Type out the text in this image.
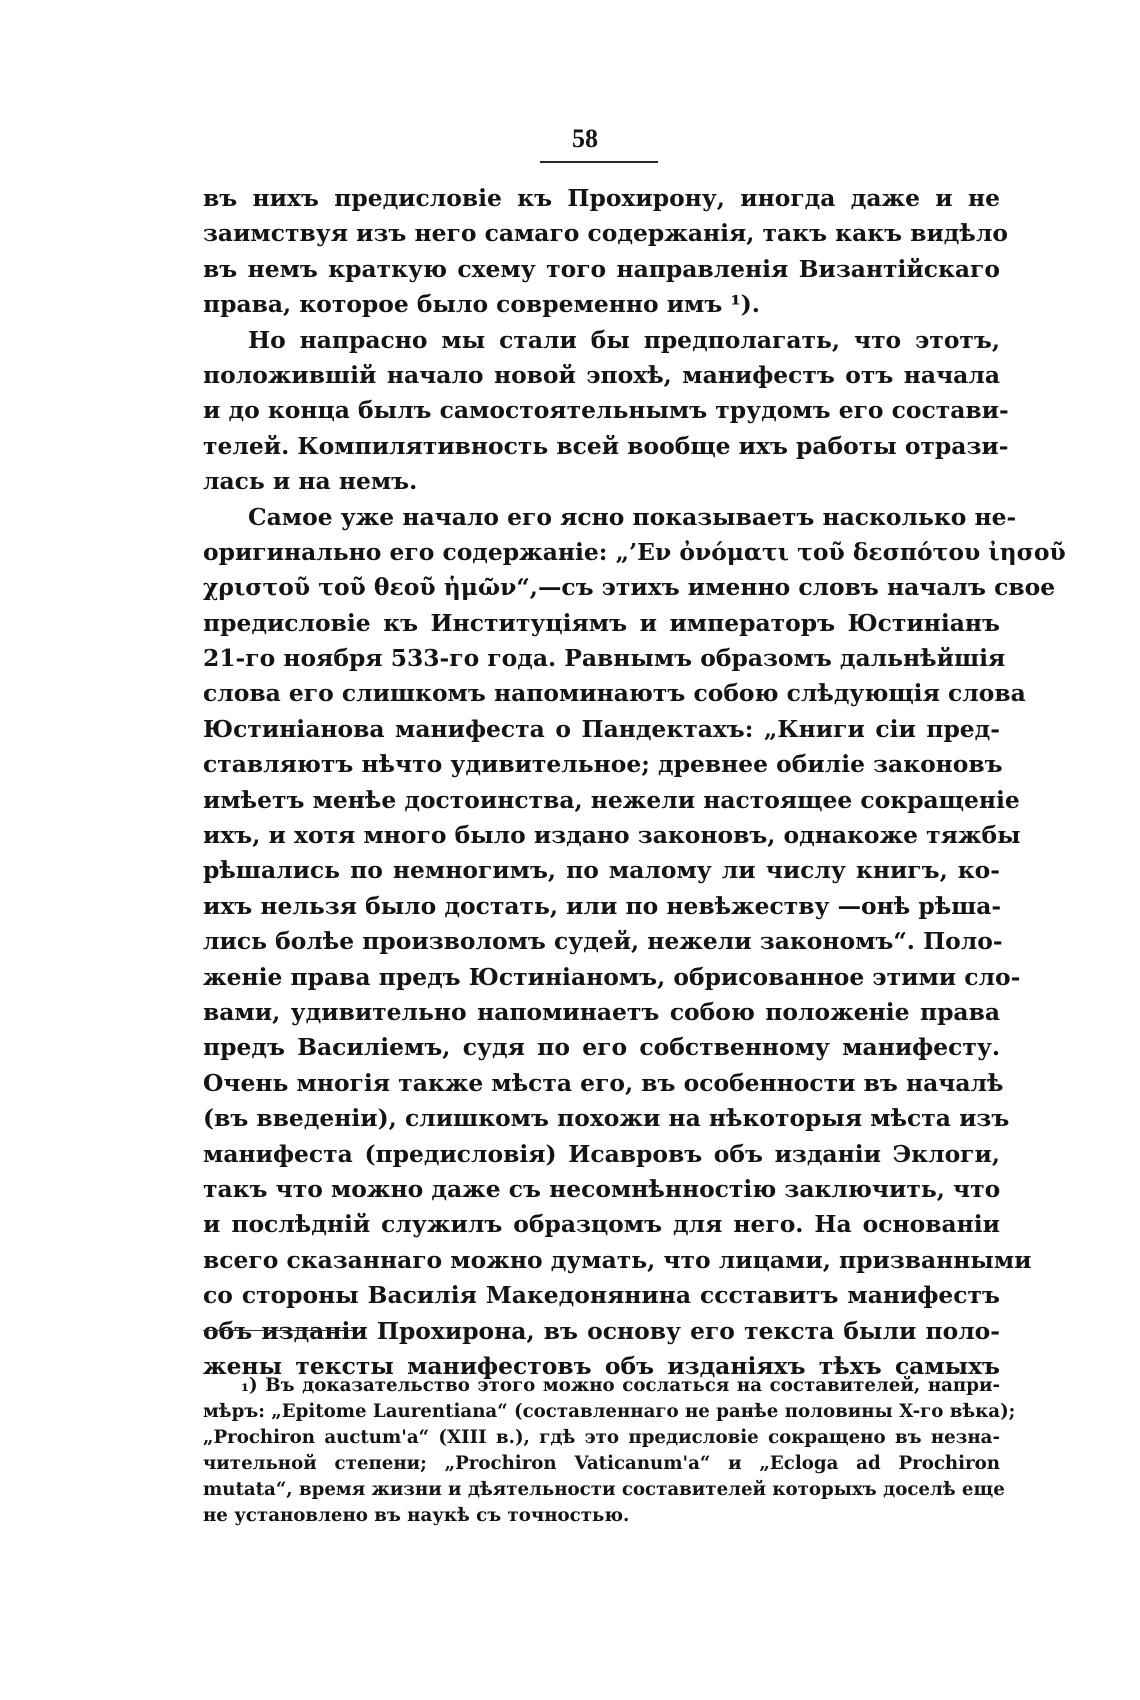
58
въ нихъ предисловіе къ Прохирону, иногда даже и не
заимствуя изъ него самаго содержанія, такъ какъ видѣло
въ немъ краткую схему того направленія Византійскаго
права, которое было современно имъ ¹).
Но напрасно мы стали бы предполагать, что этотъ,
положившій начало новой эпохѣ, манифестъ отъ начала
и до конца былъ самостоятельнымъ трудомъ его состави-
телей. Компилятивность всей вообще ихъ работы отрази-
лась и на немъ.
Самое уже начало его ясно показываетъ насколько не-
оригинально его содержаніе: „’Εν ὀνόματι τοῦ δεσπότου ἰησοῦ
χριστοῦ τοῦ θεοῦ ἡμῶν“,—съ этихъ именно словъ началъ свое
предисловіе къ Институціямъ и императоръ Юстиніанъ
21-го ноября 533-го года. Равнымъ образомъ дальнѣйшія
слова его слишкомъ напоминаютъ собою слѣдующія слова
Юстиніанова манифеста о Пандектахъ: „Книги сіи пред-
ставляютъ нѣчто удивительное; древнее обиліе законовъ
имѣетъ менѣе достоинства, нежели настоящее сокращеніе
ихъ, и хотя много было издано законовъ, однакоже тяжбы
рѣшались по немногимъ, по малому ли числу книгъ, ко-
ихъ нельзя было достать, или по невѣжеству —онѣ рѣша-
лись болѣе произволомъ судей, нежели закономъ“. Поло-
женіе права предъ Юстиніаномъ, обрисованное этими сло-
вами, удивительно напоминаетъ собою положеніе права
предъ Василіемъ, судя по его собственному манифесту.
Очень многія также мѣста его, въ особенности въ началѣ
(въ введеніи), слишкомъ похожи на нѣкоторыя мѣста изъ
манифеста (предисловія) Исавровъ объ изданіи Эклоги,
такъ что можно даже съ несомнѣнностію заключить, что
и послѣдній служилъ образцомъ для него. На основаніи
всего сказаннаго можно думать, что лицами, призванными
со стороны Василія Македонянина ссставитъ манифестъ
объ изданіи Прохирона, въ основу его текста были поло-
жены тексты манифестовъ объ изданіяхъ тѣхъ самыхъ
₁) Въ доказательство этого можно сослаться на составителей, напри-
мѣръ: „Epitome Laurentiana“ (составленнаго не ранѣе половины X-го вѣка);
„Prochiron auctum'a“ (XIII в.), гдѣ это предисловіе сокращено въ незна-
чительной степени; „Prochiron Vaticanum'a“ и „Ecloga ad Prochiron
mutata“, время жизни и дѣятельности составителей которыхъ доселѣ еще
не установлено въ наукѣ съ точностью.
